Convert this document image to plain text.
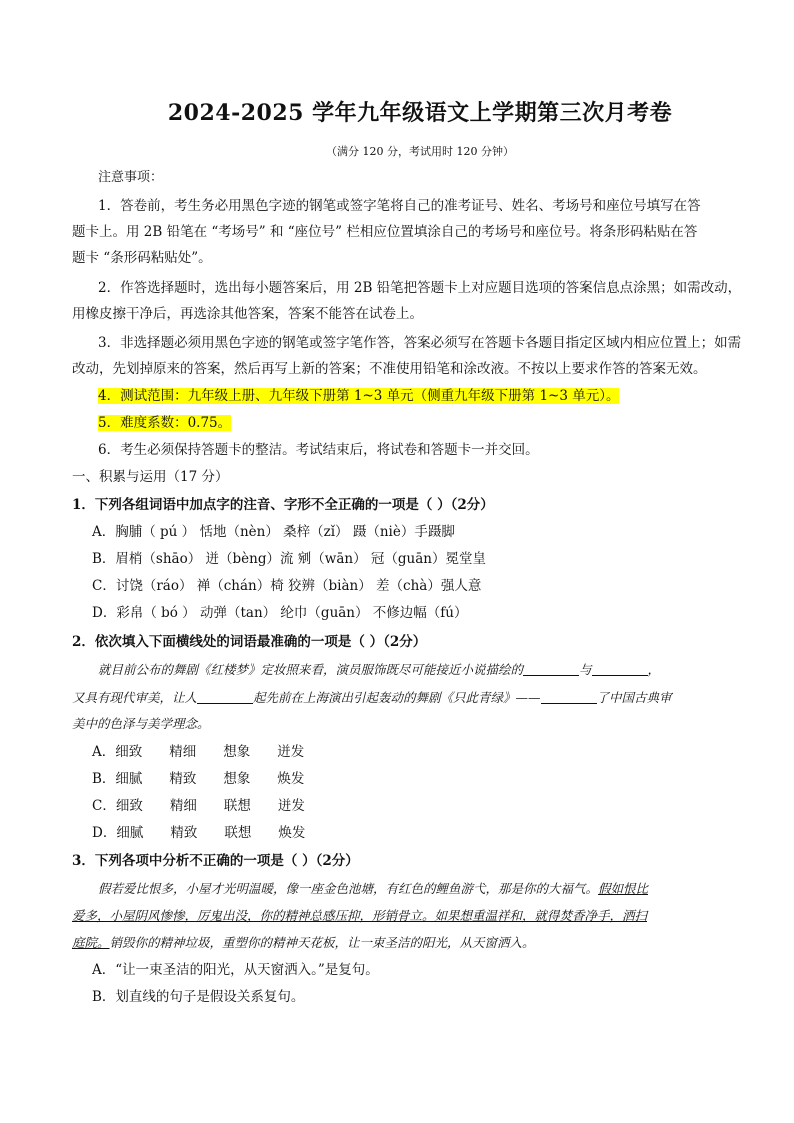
2024-2025 学年九年级语文上学期第三次月考卷
（满分 120 分，考试用时 120 分钟）
注意事项：
1．答卷前，考生务必用黑色字迹的钢笔或签字笔将自己的准考证号、姓名、考场号和座位号填写在答
题卡上。用 2B 铅笔在 “考场号” 和 “座位号” 栏相应位置填涂自己的考场号和座位号。将条形码粘贴在答
题卡 “条形码粘贴处”。
2．作答选择题时，选出每小题答案后，用 2B 铅笔把答题卡上对应题目选项的答案信息点涂黑；如需改动，
用橡皮擦干净后，再选涂其他答案，答案不能答在试卷上。
3．非选择题必须用黑色字迹的钢笔或签字笔作答，答案必须写在答题卡各题目指定区域内相应位置上；如需
改动，先划掉原来的答案，然后再写上新的答案；不准使用铅笔和涂改液。不按以上要求作答的答案无效。
4．测试范围：九年级上册、九年级下册第 1~3 单元（侧重九年级下册第 1~3 单元）。
5．难度系数：0.75。
6．考生必须保持答题卡的整洁。考试结束后，将试卷和答题卡一并交回。
一、积累与运用（17 分）
1．下列各组词语中加点字的注音、字形不全正确的一项是（ ）（2分）
A．胸脯（ pú ） 恬地（nèn） 桑梓（zǐ） 蹑（niè）手蹑脚
B．眉梢（shāo） 迸（bèng）流 剜（wān） 冠（guān）冕堂皇
C．讨饶（ráo） 禅（chán）椅 狡辨（biàn） 差（chà）强人意
D．彩帛（ bó ） 动弹（tan） 纶巾（guān） 不修边幅（fú）
2．依次填入下面横线处的词语最准确的一项是（ ）（2分）
就目前公布的舞剧《红楼梦》定妆照来看，演员服饰既尽可能接近小说描绘的	与	，
又具有现代审美，让人	起先前在上海演出引起轰动的舞剧《只此青绿》——	了中国古典审
美中的色泽与美学理念。
A．细致 精细 想象 迸发
B．细腻 精致 想象 焕发
C．细致 精细 联想 迸发
D．细腻 精致 联想 焕发
3．下列各项中分析不正确的一项是（ ）（2分）
假若爱比恨多，小屋才光明温暖，像一座金色池塘，有红色的鲤鱼游弋，那是你的大福气。假如恨比
爱多，小屋阴风惨惨，厉鬼出没，你的精神总感压抑，形销骨立。如果想重温祥和，就得焚香净手，洒扫
庭院。销毁你的精神垃圾，重塑你的精神天花板，让一束圣洁的阳光，从天窗洒入。
A．“让一束圣洁的阳光，从天窗洒入。”是复句。
B．划直线的句子是假设关系复句。
